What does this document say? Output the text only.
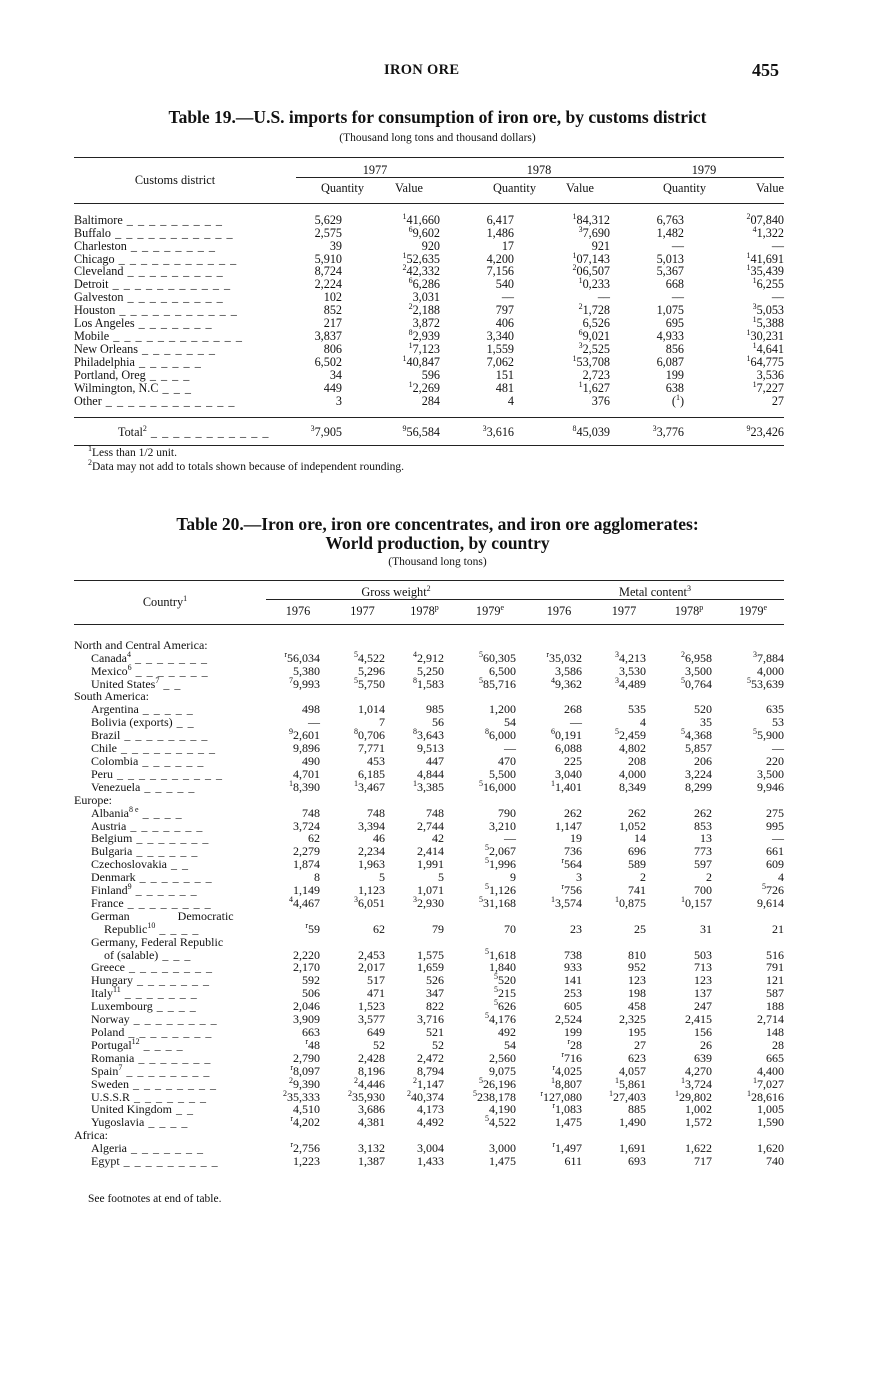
IRON ORE	455
Table 19.—U.S. imports for consumption of iron ore, by customs district
(Thousand long tons and thousand dollars)
Customs district	1977		1978		1979	
	Quantity	Value	Quantity	Value	Quantity	Value

Baltimore _ _ _ _ _ _ _ _ _	5,629	$^1$41,660	6,417	$^1$84,312	6,763	$^2$07,840
Buffalo _ _ _ _ _ _ _ _ _ _ _	2,575	$^6$9,602	1,486	$^3$7,690	1,482	$^4$1,322
Charleston _ _ _ _ _ _ _ _	39	920	17	921	‒‒	‒‒
Chicago _ _ _ _ _ _ _ _ _ _ _	5,910	$^1$52,635	4,200	$^1$07,143	5,013	$^1$41,691
Cleveland _ _ _ _ _ _ _ _ _	8,724	$^2$42,332	7,156	$^2$06,507	5,367	$^1$35,439
Detroit _ _ _ _ _ _ _ _ _ _ _	2,224	$^6$6,286	540	$^1$0,233	668	$^1$6,255
Galveston _ _ _ _ _ _ _ _ _	102	3,031	‒‒	‒‒	‒‒	‒‒
Houston _ _ _ _ _ _ _ _ _ _ _	852	$^2$2,188	797	$^2$1,728	1,075	$^3$5,053
Los Angeles _ _ _ _ _ _ _	217	3,872	406	6,526	695	$^1$5,388
Mobile _ _ _ _ _ _ _ _ _ _ _ _	3,837	$^8$2,939	3,340	$^6$9,021	4,933	$^1$30,231
New Orleans _ _ _ _ _ _ _	806	$^1$7,123	1,559	$^3$2,525	856	$^1$4,641
Philadelphia _ _ _ _ _ _	6,502	$^1$40,847	7,062	$^1$53,708	6,087	$^1$64,775
Portland, Oreg _ _ _ _	34	596	151	2,723	199	3,536
Wilmington, N.C _ _ _	449	$^1$2,269	481	$^1$1,627	638	$^1$7,227
Other _ _ _ _ _ _ _ _ _ _ _ _	3	284	4	376	($^1$)	27

Total$^2$ _ _ _ _ _ _ _ _ _ _ _	$^3$7,905	$^9$56,584	$^3$3,616	$^8$45,039	$^3$3,776	$^9$23,426
$^1$Less than 1/2 unit.
$^2$Data may not add to totals shown because of independent rounding.
Table 20.—Iron ore, iron ore concentrates, and iron ore agglomerates:
World production, by country
(Thousand long tons)
Country$^1$	Gross weight$^2$				Metal content$^3$
	1976	1977	1978$^p$	1979e	1976	1977	1978$^p$	1979e

North and Central America:								
Canada$^4$ _ _ _ _ _ _ _	$^r$56,034	$^5$4,522	$^4$2,912	$^5$60,305	$^r$35,032	$^3$4,213	$^2$6,958	$^3$7,884
Mexico$^6$ _ _ _ _ _ _ _	5,380	5,296	5,250	6,500	3,586	3,530	3,500	4,000
United States$^7$ _ _	$^7$9,993	$^5$5,750	$^8$1,583	$^5$85,716	$^4$9,362	$^3$4,489	$^5$0,764	$^5$53,639
South America:								
Argentina _ _ _ _ _	498	1,014	985	1,200	268	535	520	635
Bolivia (exports) _ _	‒‒	7	56	54	‒‒	4	35	53
Brazil _ _ _ _ _ _ _ _	$^9$2,601	$^8$0,706	$^8$3,643	$^8$6,000	$^6$0,191	$^5$2,459	$^5$4,368	$^5$5,900
Chile _ _ _ _ _ _ _ _ _	9,896	7,771	9,513	‒‒	6,088	4,802	5,857	‒‒
Colombia _ _ _ _ _ _	490	453	447	470	225	208	206	220
Peru _ _ _ _ _ _ _ _ _ _	4,701	6,185	4,844	5,500	3,040	4,000	3,224	3,500
Venezuela _ _ _ _ _	$^1$8,390	$^1$3,467	$^1$3,385	$^5$16,000	$^1$1,401	8,349	8,299	9,946
Europe:								
Albania$^{8 e}$ _ _ _ _	748	748	748	790	262	262	262	275
Austria _ _ _ _ _ _ _	3,724	3,394	2,744	3,210	1,147	1,052	853	995
Belgium _ _ _ _ _ _ _	62	46	42	‒‒	19	14	13	‒‒
Bulgaria _ _ _ _ _ _	2,279	2,234	2,414	$^5$2,067	736	696	773	661
Czechoslovakia _ _	1,874	1,963	1,991	$^5$1,996	$^r$564	589	597	609
Denmark _ _ _ _ _ _ _	8	5	5	9	3	2	2	4
Finland$^9$ _ _ _ _ _ _	1,149	1,123	1,071	$^5$1,126	$^r$756	741	700	$^5$726
France _ _ _ _ _ _ _ _	$^4$4,467	$^3$6,051	$^3$2,930	$^5$31,168	$^1$3,574	$^1$0,875	$^1$0,157	9,614
German Democratic								
Republic$^{10}$ _ _ _ _	$^r$59	62	79	70	23	25	31	21
Germany, Federal Republic								
of (salable) _ _ _	2,220	2,453	1,575	$^5$1,618	738	810	503	516
Greece _ _ _ _ _ _ _ _	2,170	2,017	1,659	1,840	933	952	713	791
Hungary _ _ _ _ _ _ _	592	517	526	$^5$520	141	123	123	121
Italy$^{11}$ _ _ _ _ _ _ _	506	471	347	$^5$215	253	198	137	587
Luxembourg _ _ _ _	2,046	1,523	822	$^5$626	605	458	247	188
Norway _ _ _ _ _ _ _ _	3,909	3,577	3,716	$^5$4,176	2,524	2,325	2,415	2,714
Poland _ _ _ _ _ _ _ _	663	649	521	492	199	195	156	148
Portugal$^{12}$ _ _ _ _	$^r$48	52	52	54	$^r$28	27	26	28
Romania _ _ _ _ _ _ _	2,790	2,428	2,472	2,560	$^r$716	623	639	665
Spain$^7$ _ _ _ _ _ _ _ _	$^r$8,097	8,196	8,794	9,075	$^r$4,025	4,057	4,270	4,400
Sweden _ _ _ _ _ _ _ _	$^2$9,390	$^2$4,446	$^2$1,147	$^5$26,196	$^1$8,807	$^1$5,861	$^1$3,724	$^1$7,027
U.S.S.R _ _ _ _ _ _ _	$^2$35,333	$^2$35,930	$^2$40,374	$^5$238,178	$^r$127,080	$^1$27,403	$^1$29,802	$^1$28,616
United Kingdom _ _	4,510	3,686	4,173	4,190	$^r$1,083	885	1,002	1,005
Yugoslavia _ _ _ _	$^r$4,202	4,381	4,492	$^5$4,522	1,475	1,490	1,572	1,590
Africa:								
Algeria _ _ _ _ _ _ _	$^r$2,756	3,132	3,004	3,000	$^r$1,497	1,691	1,622	1,620
Egypt _ _ _ _ _ _ _ _ _	1,223	1,387	1,433	1,475	611	693	717	740

See footnotes at end of table.
